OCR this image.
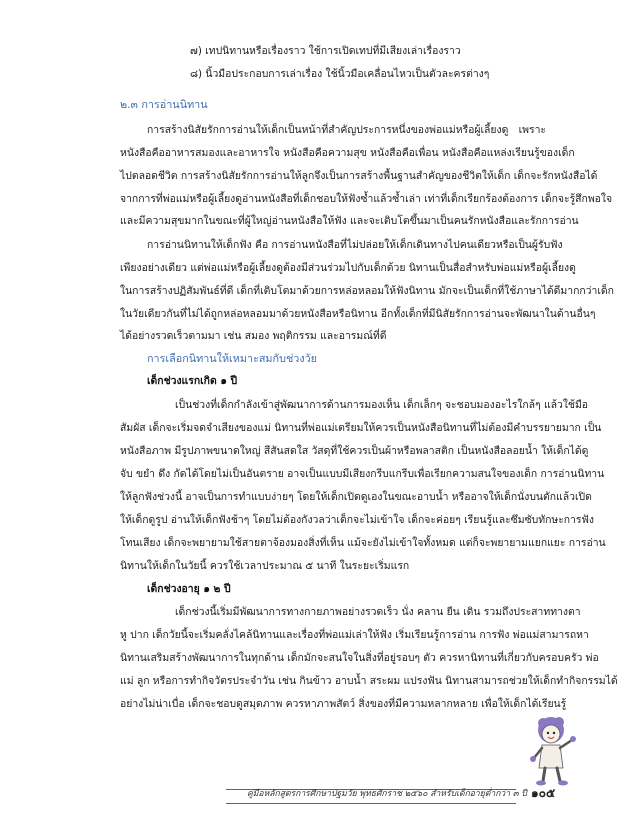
๗) เทปนิทานหรือเรื่องราว ใช้การเปิดเทปที่มีเสียงเล่าเรื่องราว
๘) นิ้วมือประกอบการเล่าเรื่อง ใช้นิ้วมือเคลื่อนไหวเป็นตัวละครต่างๆ
๒.๓ การอ่านนิทาน
การสร้างนิสัยรักการอ่านให้เด็กเป็นหน้าที่สำคัญประการหนึ่งของพ่อแม่หรือผู้เลี้ยงดู เพราะ
หนังสือคืออาหารสมองและอาหารใจ หนังสือคือความสุข หนังสือคือเพื่อน หนังสือคือแหล่งเรียนรู้ของเด็ก
ไปตลอดชีวิต การสร้างนิสัยรักการอ่านให้ลูกจึงเป็นการสร้างพื้นฐานสำคัญของชีวิตให้เด็ก เด็กจะรักหนังสือได้
จากการที่พ่อแม่หรือผู้เลี้ยงดูอ่านหนังสือที่เด็กชอบให้ฟังซ้ำแล้วซ้ำเล่า เท่าที่เด็กเรียกร้องต้องการ เด็กจะรู้สึกพอใจ
และมีความสุขมากในขณะที่ผู้ใหญ่อ่านหนังสือให้ฟัง และจะเติบโตขึ้นมาเป็นคนรักหนังสือและรักการอ่าน
การอ่านนิทานให้เด็กฟัง คือ การอ่านหนังสือที่ไม่ปล่อยให้เด็กเดินทางไปคนเดียวหรือเป็นผู้รับฟัง
เพียงอย่างเดียว แต่พ่อแม่หรือผู้เลี้ยงดูต้องมีส่วนร่วมไปกับเด็กด้วย นิทานเป็นสื่อสำหรับพ่อแม่หรือผู้เลี้ยงดู
ในการสร้างปฏิสัมพันธ์ที่ดี เด็กที่เติบโตมาด้วยการหล่อหลอมให้ฟังนิทาน มักจะเป็นเด็กที่ใช้ภาษาได้ดีมากกว่าเด็ก
ในวัยเดียวกันที่ไม่ได้ถูกหล่อหลอมมาด้วยหนังสือหรือนิทาน อีกทั้งเด็กที่มีนิสัยรักการอ่านจะพัฒนาในด้านอื่นๆ
ได้อย่างรวดเร็วตามมา เช่น สมอง พฤติกรรม และอารมณ์ที่ดี
การเลือกนิทานให้เหมาะสมกับช่วงวัย
เด็กช่วงแรกเกิด ๑ ปี
เป็นช่วงที่เด็กกำลังเข้าสู่พัฒนาการด้านการมองเห็น เด็กเล็กๆ จะชอบมองอะไรใกล้ๆ แล้วใช้มือ
สัมผัส เด็กจะเริ่มจดจำเสียงของแม่ นิทานที่พ่อแม่เตรียมให้ควรเป็นหนังสือนิทานที่ไม่ต้องมีคำบรรยายมาก เป็น
หนังสือภาพ มีรูปภาพขนาดใหญ่ สีสันสดใส วัสดุที่ใช้ควรเป็นผ้าหรือพลาสติก เป็นหนังสือลอยน้ำ ให้เด็กได้ดู
จับ ขยำ ดึง กัดได้โดยไม่เป็นอันตราย อาจเป็นแบบมีเสียงกรีบแกรีบเพื่อเรียกความสนใจของเด็ก การอ่านนิทาน
ให้ลูกฟังช่วงนี้ อาจเป็นการทำแบบง่ายๆ โดยให้เด็กเปิดดูเองในขณะอาบน้ำ หรืออาจให้เด็กนั่งบนตักแล้วเปิด
ให้เด็กดูรูป อ่านให้เด็กฟังช้าๆ โดยไม่ต้องกังวลว่าเด็กจะไม่เข้าใจ เด็กจะค่อยๆ เรียนรู้และซึมซับทักษะการฟัง
โทนเสียง เด็กจะพยายามใช้สายตาจ้องมองสิ่งที่เห็น แม้จะยังไม่เข้าใจทั้งหมด แต่ก็จะพยายามแยกแยะ การอ่าน
นิทานให้เด็กในวัยนี้ ควรใช้เวลาประมาณ ๕ นาที ในระยะเริ่มแรก
เด็กช่วงอายุ ๑ ๒ ปี
เด็กช่วงนี้เริ่มมีพัฒนาการทางกายภาพอย่างรวดเร็ว นั่ง คลาน ยืน เดิน รวมถึงประสาททางตา
หู ปาก เด็กวัยนี้จะเริ่มคลั่งไคล้นิทานและเรื่องที่พ่อแม่เล่าให้ฟัง เริ่มเรียนรู้การอ่าน การฟัง พ่อแม่สามารถหา
นิทานเสริมสร้างพัฒนาการในทุกด้าน เด็กมักจะสนใจในสิ่งที่อยู่รอบๆ ตัว ควรหานิทานที่เกี่ยวกับครอบครัว พ่อ
แม่ ลูก หรือการทำกิจวัตรประจำวัน เช่น กินข้าว อาบน้ำ สระผม แปรงฟัน นิทานสามารถช่วยให้เด็กทำกิจกรรมได้
อย่างไม่น่าเบื่อ เด็กจะชอบดูสมุดภาพ ควรหาภาพสัตว์ สิ่งของที่มีความหลากหลาย เพื่อให้เด็กได้เรียนรู้
คู่มือหลักสูตรการศึกษาปฐมวัย พุทธศักราช ๒๕๖๐ สำหรับเด็กอายุต่ำกว่า ๓ ปี ๑๐๕
